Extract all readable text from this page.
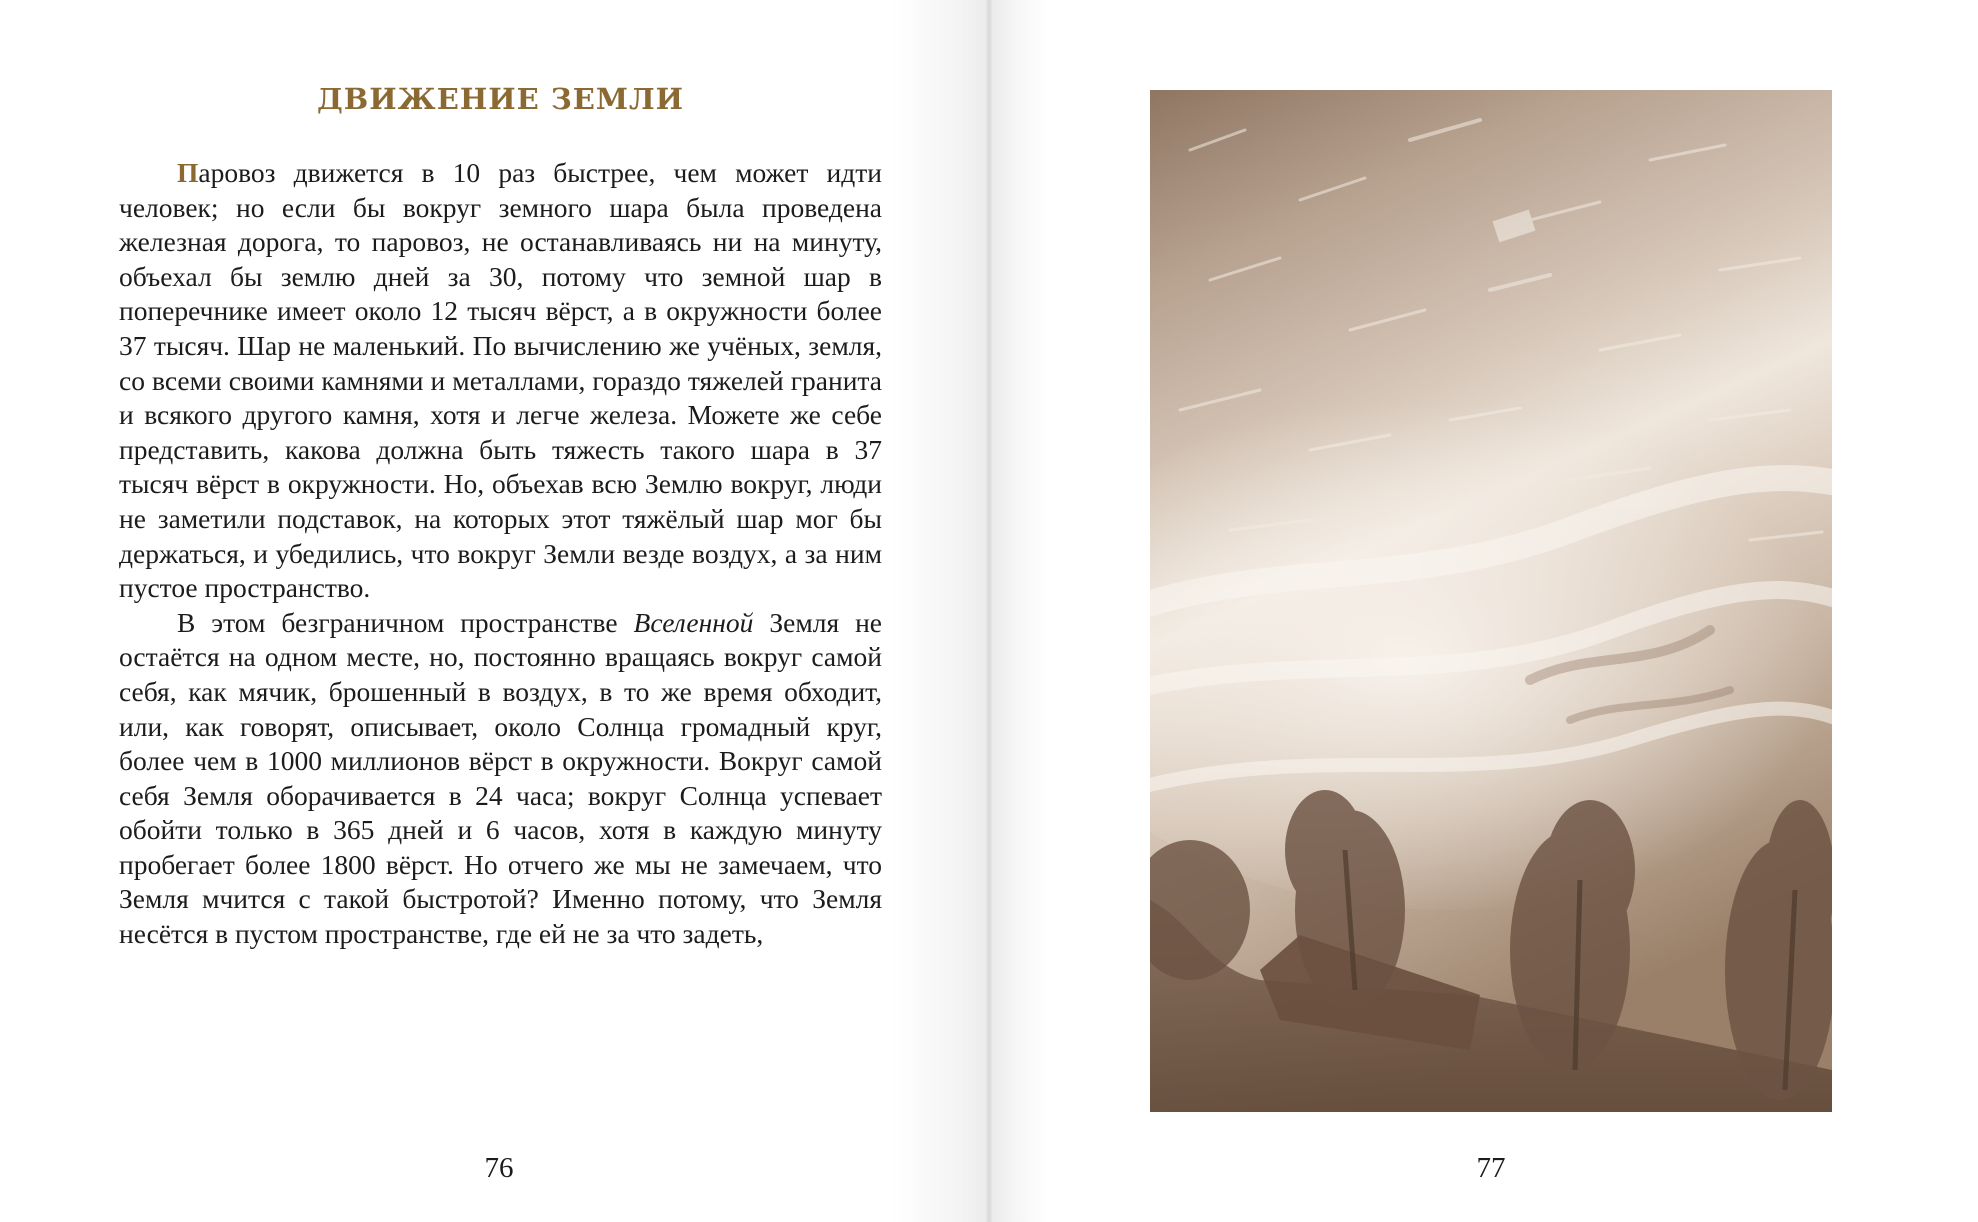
ДВИЖЕНИЕ ЗЕМЛИ

Паровоз движется в 10 раз быстрее, чем может идти человек; но если бы вокруг земного шара была проведена железная дорога, то паровоз, не останавливаясь ни на минуту, объехал бы землю дней за 30, потому что земной шар в поперечнике имеет около 12 тысяч вёрст, а в окружности более 37 тысяч. Шар не маленький. По вычислению же учёных, земля, со всеми своими камнями и металлами, гораздо тяжелей гранита и всякого другого камня, хотя и легче железа. Можете же себе представить, какова должна быть тяжесть такого шара в 37 тысяч вёрст в окружности. Но, объехав всю Землю вокруг, люди не заметили подставок, на которых этот тяжёлый шар мог бы держаться, и убедились, что вокруг Земли везде воздух, а за ним пустое пространство.

В этом безграничном пространстве Вселенной Земля не остаётся на одном месте, но, постоянно вращаясь вокруг самой себя, как мячик, брошенный в воздух, в то же время обходит, или, как говорят, описывает, около Солнца громадный круг, более чем в 1000 миллионов вёрст в окружности. Вокруг самой себя Земля оборачивается в 24 часа; вокруг Солнца успевает обойти только в 365 дней и 6 часов, хотя в каждую минуту пробегает более 1800 вёрст. Но отчего же мы не замечаем, что Земля мчится с такой быстротой? Именно потому, что Земля несётся в пустом пространстве, где ей не за что задеть,

76	77
